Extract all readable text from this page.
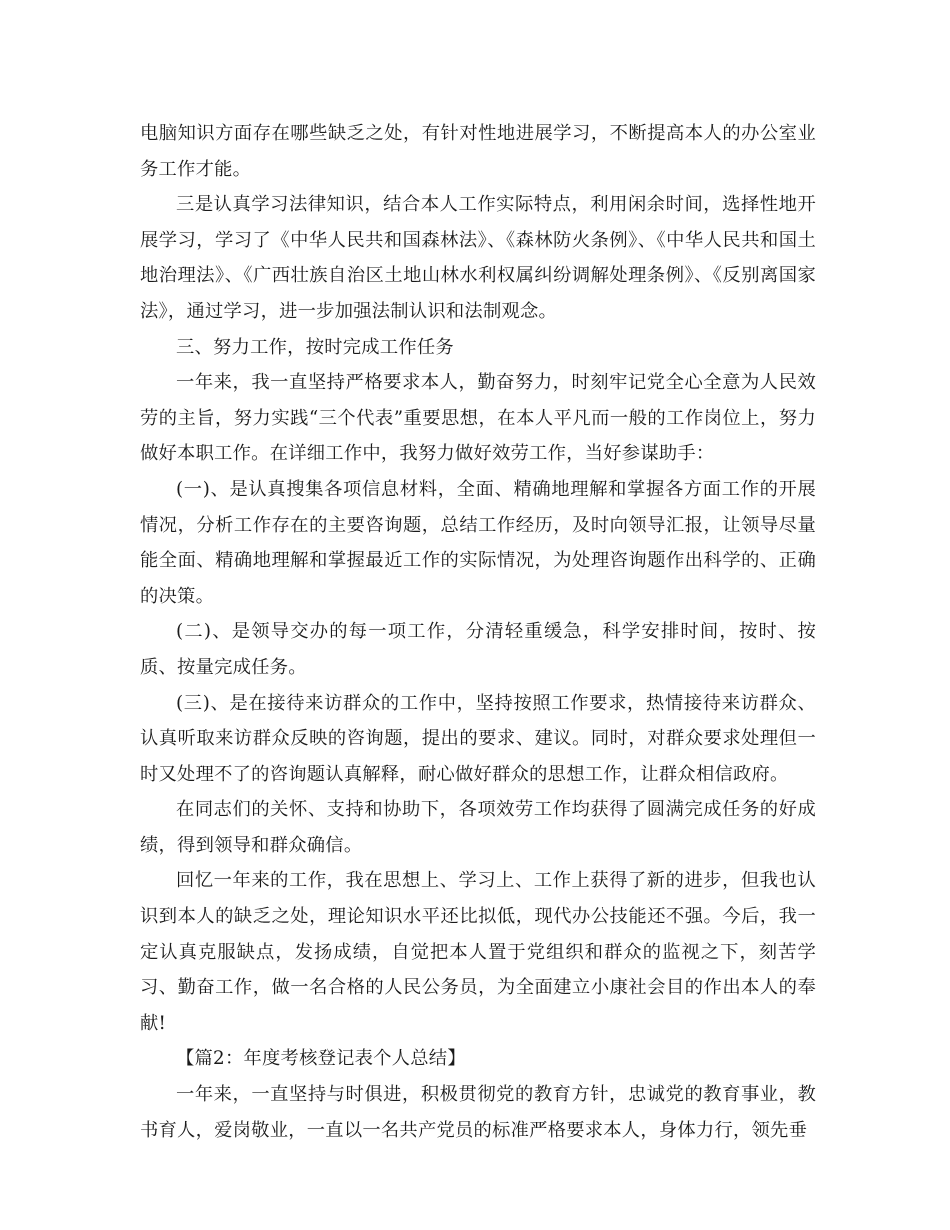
电脑知识方面存在哪些缺乏之处，有针对性地进展学习，不断提高本人的办公室业务工作才能。

三是认真学习法律知识，结合本人工作实际特点，利用闲余时间，选择性地开展学习，学习了《中华人民共和国森林法》、《森林防火条例》、《中华人民共和国土地治理法》、《广西壮族自治区土地山林水利权属纠纷调解处理条例》、《反别离国家法》，通过学习，进一步加强法制认识和法制观念。

三、努力工作，按时完成工作任务

一年来，我一直坚持严格要求本人，勤奋努力，时刻牢记党全心全意为人民效劳的主旨，努力实践“三个代表”重要思想，在本人平凡而一般的工作岗位上，努力做好本职工作。在详细工作中，我努力做好效劳工作，当好参谋助手：

(一)、是认真搜集各项信息材料，全面、精确地理解和掌握各方面工作的开展情况，分析工作存在的主要咨询题，总结工作经历，及时向领导汇报，让领导尽量能全面、精确地理解和掌握最近工作的实际情况，为处理咨询题作出科学的、正确的决策。

(二)、是领导交办的每一项工作，分清轻重缓急，科学安排时间，按时、按质、按量完成任务。

(三)、是在接待来访群众的工作中，坚持按照工作要求，热情接待来访群众、认真听取来访群众反映的咨询题，提出的要求、建议。同时，对群众要求处理但一时又处理不了的咨询题认真解释，耐心做好群众的思想工作，让群众相信政府。

在同志们的关怀、支持和协助下，各项效劳工作均获得了圆满完成任务的好成绩，得到领导和群众确信。

回忆一年来的工作，我在思想上、学习上、工作上获得了新的进步，但我也认识到本人的缺乏之处，理论知识水平还比拟低，现代办公技能还不强。今后，我一定认真克服缺点，发扬成绩，自觉把本人置于党组织和群众的监视之下，刻苦学习、勤奋工作，做一名合格的人民公务员，为全面建立小康社会目的作出本人的奉献!

【篇2：年度考核登记表个人总结】

一年来，一直坚持与时俱进，积极贯彻党的教育方针，忠诚党的教育事业，教书育人，爱岗敬业，一直以一名共产党员的标准严格要求本人，身体力行，领先垂
